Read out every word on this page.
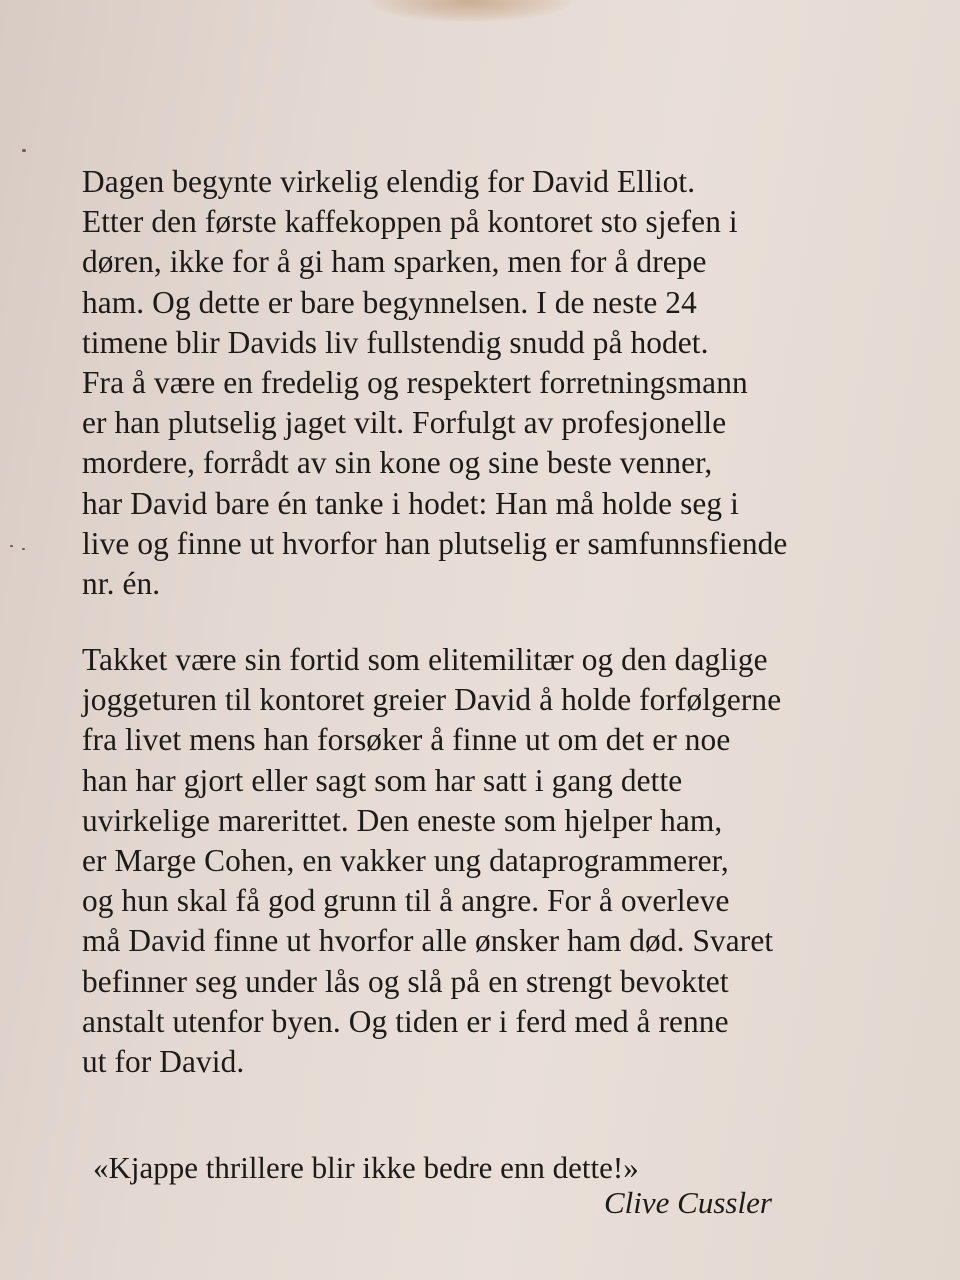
Dagen begynte virkelig elendig for David Elliot.
Etter den første kaffekoppen på kontoret sto sjefen i
døren, ikke for å gi ham sparken, men for å drepe
ham. Og dette er bare begynnelsen. I de neste 24
timene blir Davids liv fullstendig snudd på hodet.
Fra å være en fredelig og respektert forretningsmann
er han plutselig jaget vilt. Forfulgt av profesjonelle
mordere, forrådt av sin kone og sine beste venner,
har David bare én tanke i hodet: Han må holde seg i
live og finne ut hvorfor han plutselig er samfunnsfiende
nr. én.
Takket være sin fortid som elitemilitær og den daglige
joggeturen til kontoret greier David å holde forfølgerne
fra livet mens han forsøker å finne ut om det er noe
han har gjort eller sagt som har satt i gang dette
uvirkelige marerittet. Den eneste som hjelper ham,
er Marge Cohen, en vakker ung dataprogrammerer,
og hun skal få god grunn til å angre. For å overleve
må David finne ut hvorfor alle ønsker ham død. Svaret
befinner seg under lås og slå på en strengt bevoktet
anstalt utenfor byen. Og tiden er i ferd med å renne
ut for David.
«Kjappe thrillere blir ikke bedre enn dette!»
Clive Cussler
